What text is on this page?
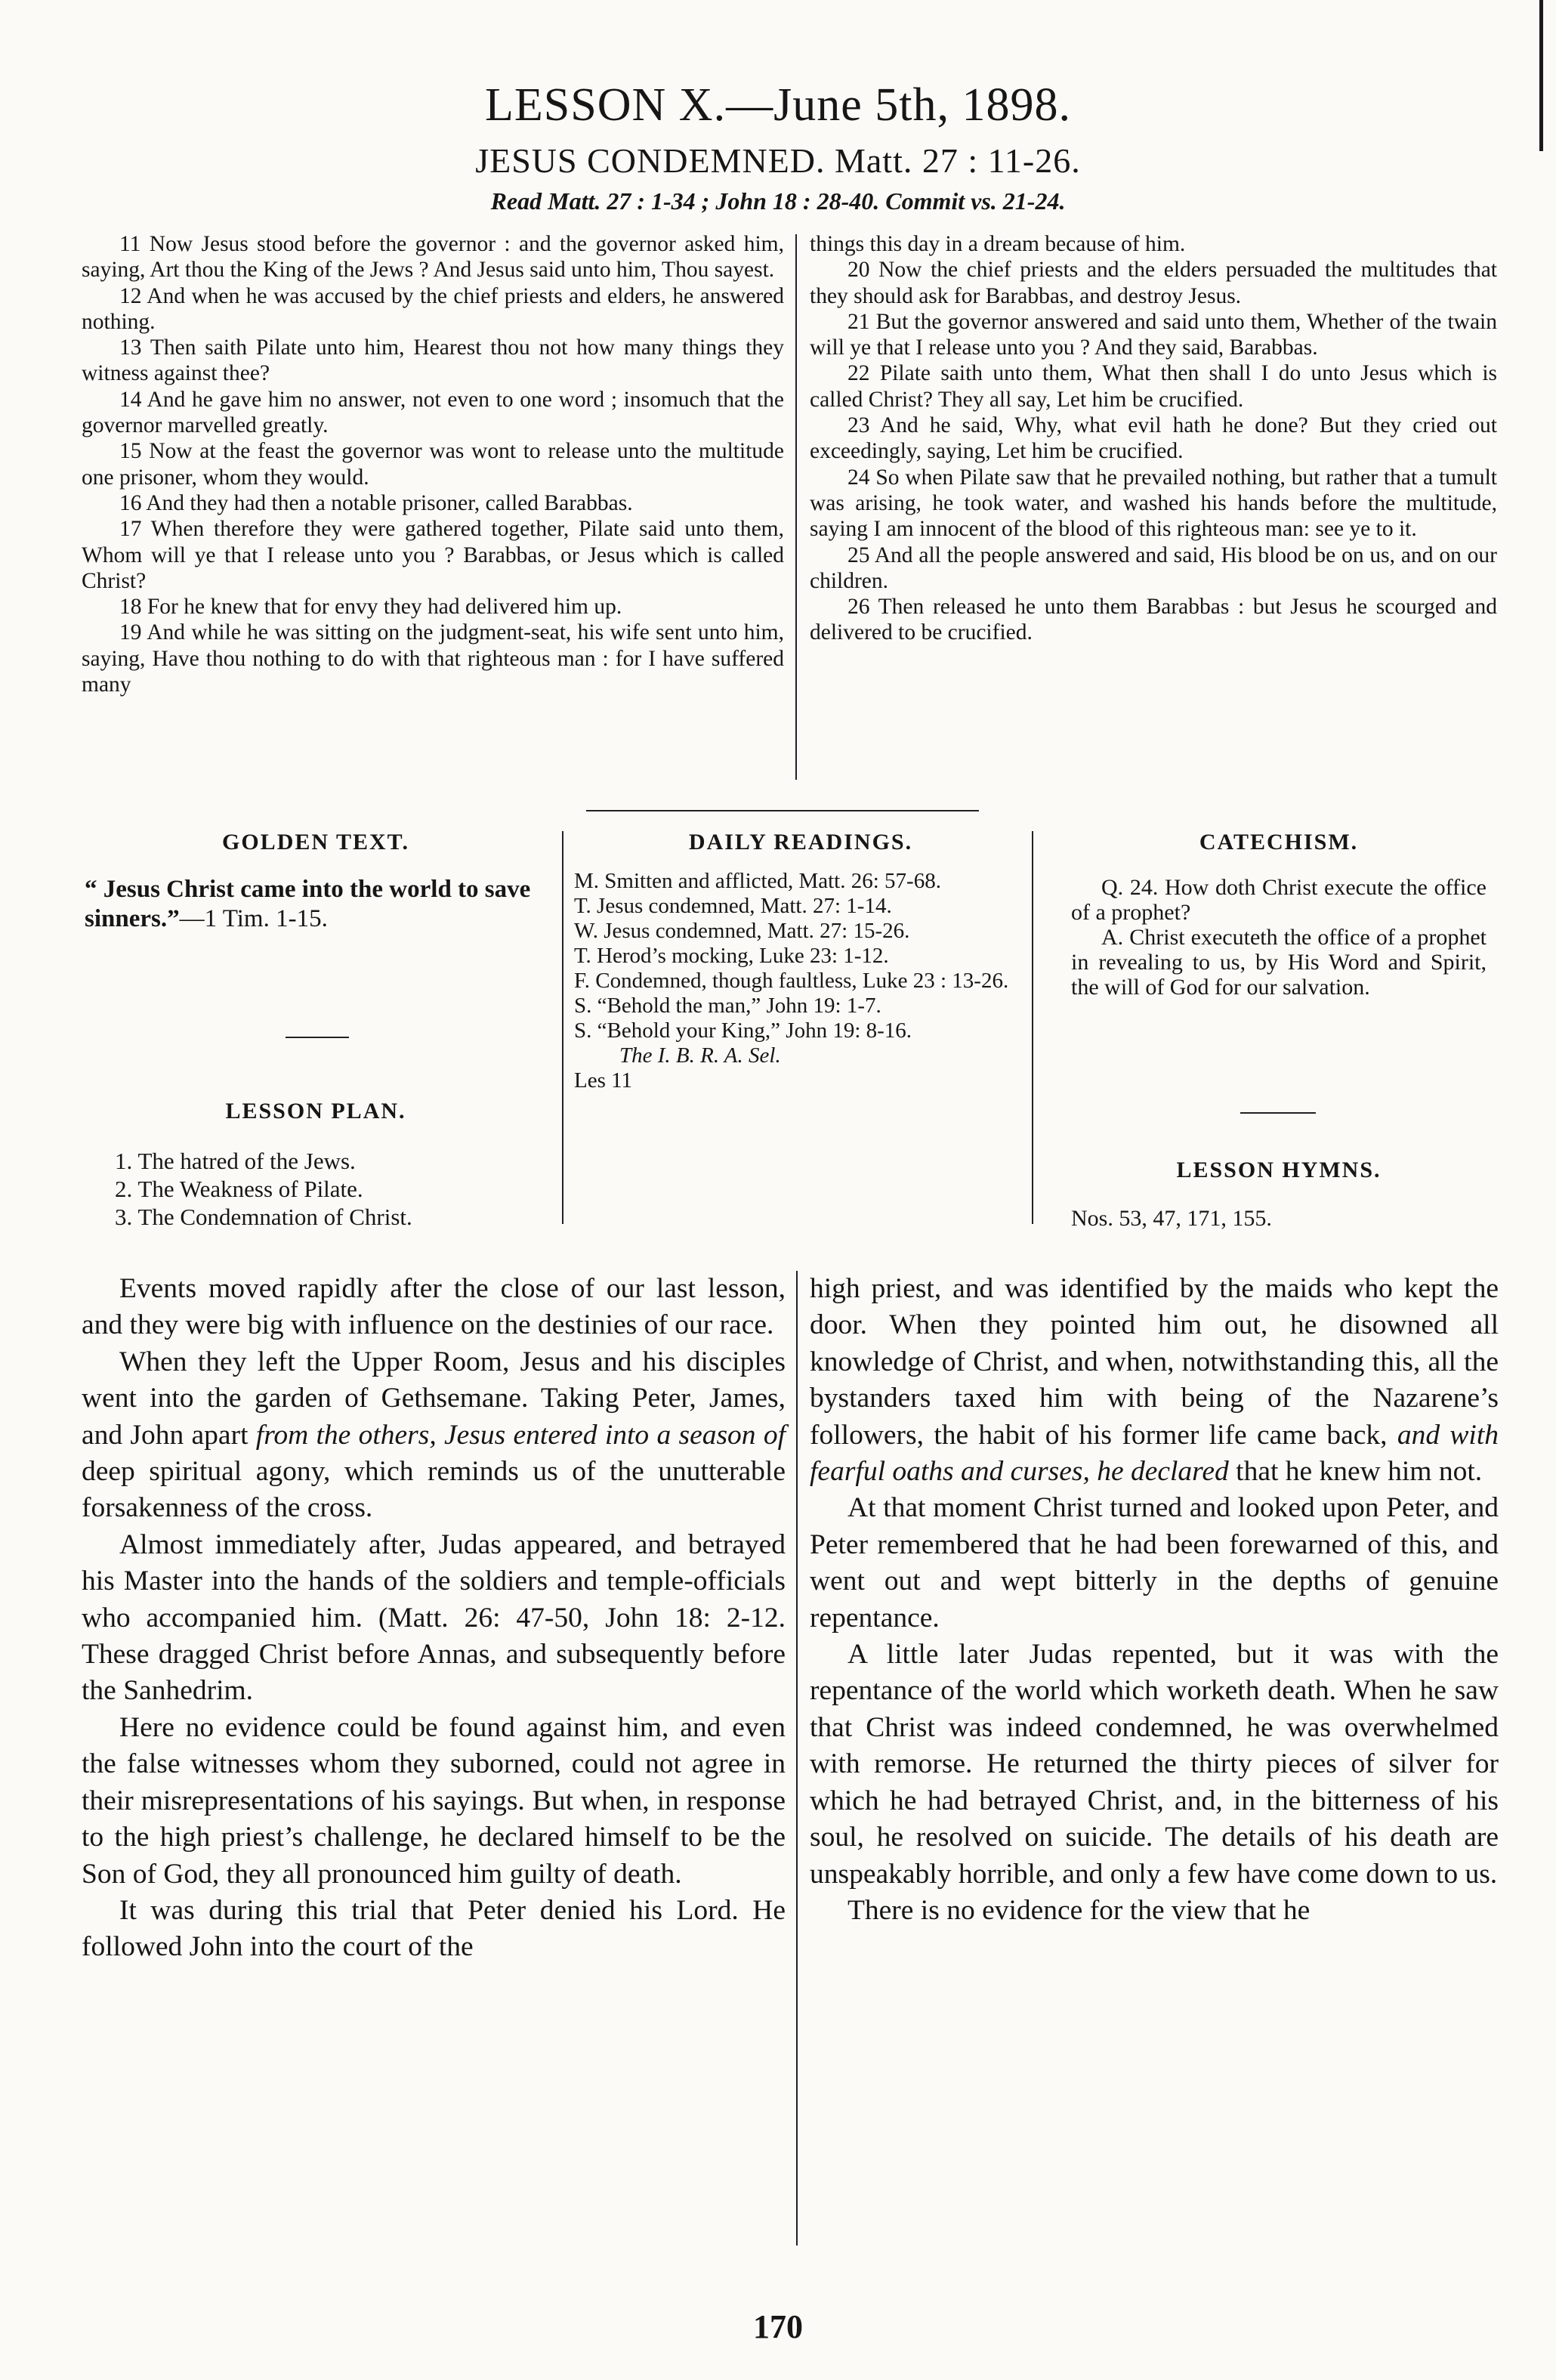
LESSON X.—June 5th, 1898.
JESUS CONDEMNED. Matt. 27 : 11-26.
Read Matt. 27 : 1-34 ; John 18 : 28-40. Commit vs. 21-24.

11 Now Jesus stood before the governor : and the governor asked him, saying, Art thou the King of the Jews ? And Jesus said unto him, Thou sayest.

12 And when he was accused by the chief priests and elders, he answered nothing.

13 Then saith Pilate unto him, Hearest thou not how many things they witness against thee?

14 And he gave him no answer, not even to one word ; insomuch that the governor marvelled greatly.

15 Now at the feast the governor was wont to release unto the multitude one prisoner, whom they would.

16 And they had then a notable prisoner, called Barabbas.

17 When therefore they were gathered together, Pilate said unto them, Whom will ye that I release unto you ? Barabbas, or Jesus which is called Christ?

18 For he knew that for envy they had delivered him up.

19 And while he was sitting on the judgment-seat, his wife sent unto him, saying, Have thou nothing to do with that righteous man : for I have suffered many

things this day in a dream because of him.

20 Now the chief priests and the elders persuaded the multitudes that they should ask for Barabbas, and destroy Jesus.

21 But the governor answered and said unto them, Whether of the twain will ye that I release unto you ? And they said, Barabbas.

22 Pilate saith unto them, What then shall I do unto Jesus which is called Christ? They all say, Let him be crucified.

23 And he said, Why, what evil hath he done? But they cried out exceedingly, saying, Let him be crucified.

24 So when Pilate saw that he prevailed nothing, but rather that a tumult was arising, he took water, and washed his hands before the multitude, saying I am innocent of the blood of this righteous man: see ye to it.

25 And all the people answered and said, His blood be on us, and on our children.

26 Then released he unto them Barabbas : but Jesus he scourged and delivered to be crucified.

GOLDEN TEXT.
“ Jesus Christ came into the world to save sinners.”—1 Tim. 1-15.
LESSON PLAN.
1. The hatred of the Jews.
2. The Weakness of Pilate.
3. The Condemnation of Christ.
DAILY READINGS.

M. Smitten and afflicted, Matt. 26: 57-68.

T. Jesus condemned, Matt. 27: 1-14.

W. Jesus condemned, Matt. 27: 15-26.

T. Herod’s mocking, Luke 23: 1-12.

F. Condemned, though faultless, Luke 23 : 13-26.

S. “Behold the man,” John 19: 1-7.

S. “Behold your King,” John 19: 8-16.

The I. B. R. A. Sel.
Les 11
CATECHISM.

Q. 24. How doth Christ execute the office of a prophet?

A. Christ executeth the office of a prophet in revealing to us, by His Word and Spirit, the will of God for our salvation.

LESSON HYMNS.
Nos. 53, 47, 171, 155.

Events moved rapidly after the close of our last lesson, and they were big with influence on the destinies of our race.

When they left the Upper Room, Jesus and his disciples went into the garden of Gethsemane. Taking Peter, James, and John apart from the others, Jesus entered into a season of deep spiritual agony, which reminds us of the unutterable forsakenness of the cross.

Almost immediately after, Judas appeared, and betrayed his Master into the hands of the soldiers and temple-officials who accompanied him. (Matt. 26: 47-50, John 18: 2-12. These dragged Christ before Annas, and subsequently before the Sanhedrim.

Here no evidence could be found against him, and even the false witnesses whom they suborned, could not agree in their misrepresentations of his sayings. But when, in response to the high priest’s challenge, he declared himself to be the Son of God, they all pronounced him guilty of death.

It was during this trial that Peter denied his Lord. He followed John into the court of the

high priest, and was identified by the maids who kept the door. When they pointed him out, he disowned all knowledge of Christ, and when, notwithstanding this, all the bystanders taxed him with being of the Nazarene’s followers, the habit of his former life came back, and with fearful oaths and curses, he declared that he knew him not.

At that moment Christ turned and looked upon Peter, and Peter remembered that he had been forewarned of this, and went out and wept bitterly in the depths of genuine repentance.

A little later Judas repented, but it was with the repentance of the world which worketh death. When he saw that Christ was indeed condemned, he was overwhelmed with remorse. He returned the thirty pieces of silver for which he had betrayed Christ, and, in the bitterness of his soul, he resolved on suicide. The details of his death are unspeakably horrible, and only a few have come down to us.

There is no evidence for the view that he

170
